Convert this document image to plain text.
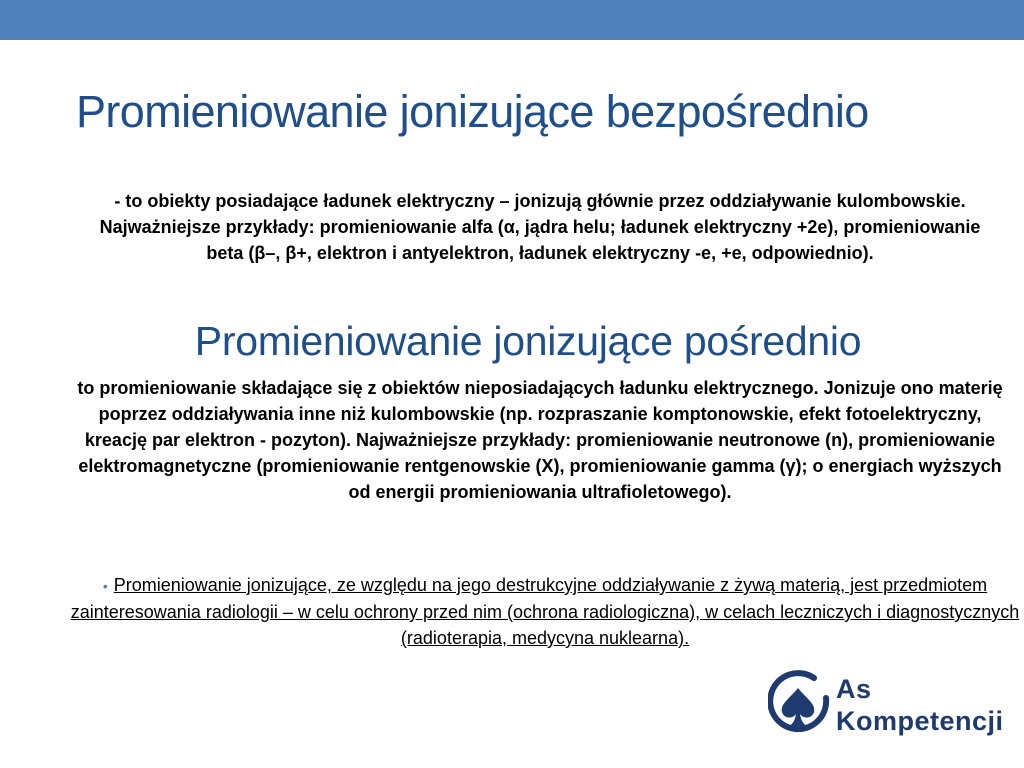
Promieniowanie jonizujące bezpośrednio

- to obiekty posiadające ładunek elektryczny – jonizują głównie przez oddziaływanie kulombowskie. Najważniejsze przykłady: promieniowanie alfa (α, jądra helu; ładunek elektryczny +2e), promieniowanie beta (β–, β+, elektron i antyelektron, ładunek elektryczny -e, +e, odpowiednio).

Promieniowanie jonizujące pośrednio

to promieniowanie składające się z obiektów nieposiadających ładunku elektrycznego. Jonizuje ono materię poprzez oddziaływania inne niż kulombowskie (np. rozpraszanie komptonowskie, efekt fotoelektryczny, kreację par elektron - pozyton). Najważniejsze przykłady: promieniowanie neutronowe (n), promieniowanie elektromagnetyczne (promieniowanie rentgenowskie (X), promieniowanie gamma (γ); o energiach wyższych od energii promieniowania ultrafioletowego).

• Promieniowanie jonizujące, ze względu na jego destrukcyjne oddziaływanie z żywą materią, jest przedmiotem zainteresowania radiologii – w celu ochrony przed nim (ochrona radiologiczna), w celach leczniczych i diagnostycznych (radioterapia, medycyna nuklearna).
As
Kompetencji
